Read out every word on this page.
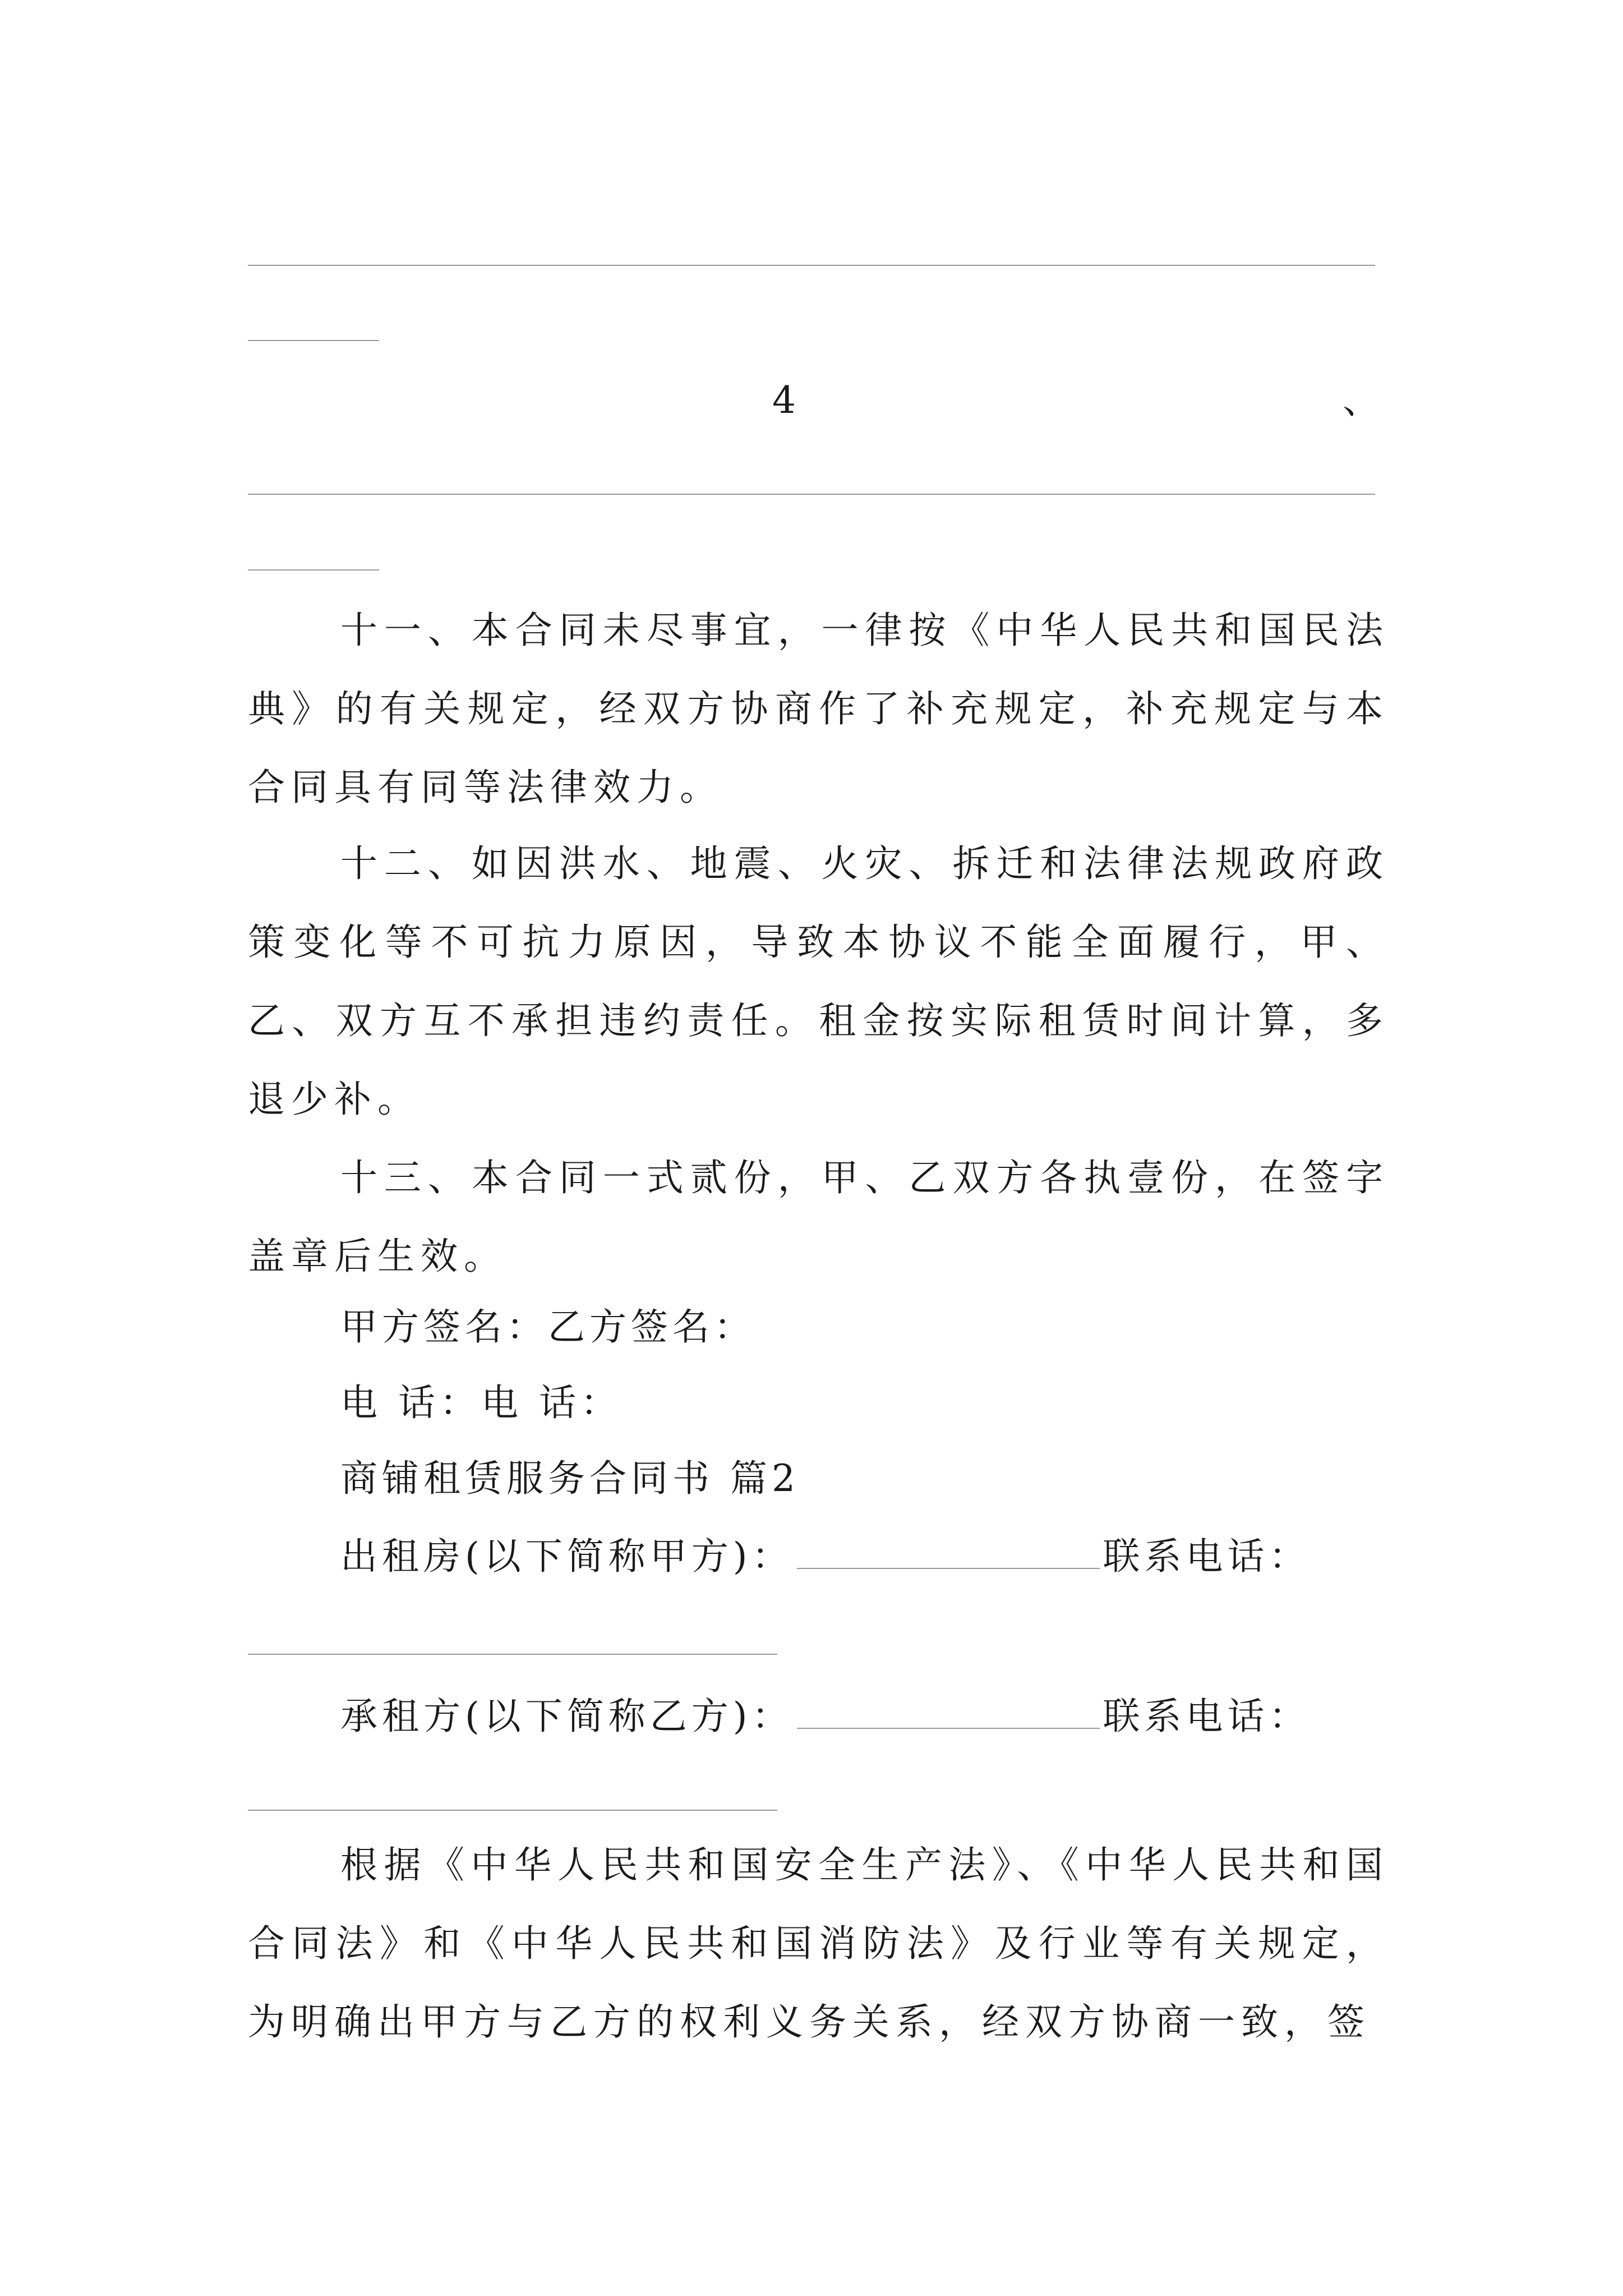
4	、
十一、本合同未尽事宜，一律按《中华人民共和国民法典》的有关规定，经双方协商作了补充规定，补充规定与本合同具有同等法律效力。
十二、如因洪水、地震、火灾、拆迁和法律法规政府政策变化等不可抗力原因，导致本协议不能全面履行，甲、乙、双方互不承担违约责任。租金按实际租赁时间计算，多退少补。
十三、本合同一式贰份，甲、乙双方各执壹份，在签字盖章后生效。
甲方签名：乙方签名：
电 话：电 话：
商铺租赁服务合同书 篇2
出租房(以下简称甲方)：	联系电话：
承租方(以下简称乙方)：	联系电话：
根据《中华人民共和国安全生产法》、《中华人民共和国合同法》和《中华人民共和国消防法》及行业等有关规定，为明确出甲方与乙方的权利义务关系，经双方协商一致，签
